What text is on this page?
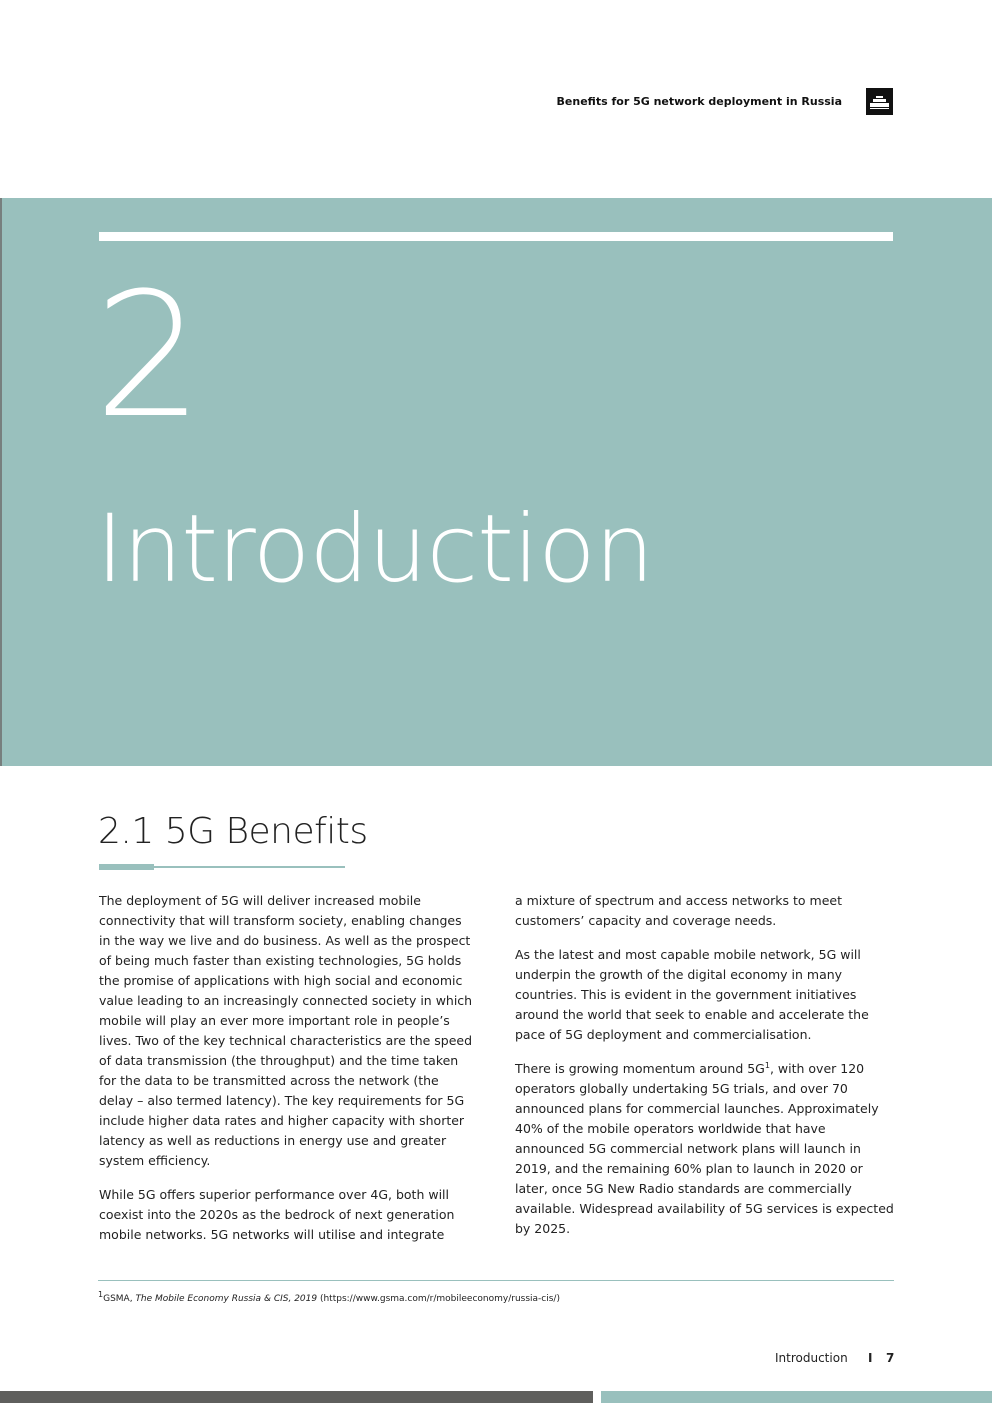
Benefits for 5G network deployment in Russia
2
Introduction
2.1 5G Benefits

The deployment of 5G will deliver increased mobile connectivity that will transform society, enabling changes in the way we live and do business. As well as the prospect of being much faster than existing technologies, 5G holds the promise of applications with high social and economic value leading to an increasingly connected society in which mobile will play an ever more important role in people’s lives. Two of the key technical characteristics are the speed of data transmission (the throughput) and the time taken for the data to be transmitted across the network (the delay – also termed latency). The key requirements for 5G include higher data rates and higher capacity with shorter latency as well as reductions in energy use and greater system efficiency.

While 5G offers superior performance over 4G, both will coexist into the 2020s as the bedrock of next generation mobile networks. 5G networks will utilise and integrate

a mixture of spectrum and access networks to meet customers’ capacity and coverage needs.

As the latest and most capable mobile network, 5G will underpin the growth of the digital economy in many countries. This is evident in the government initiatives around the world that seek to enable and accelerate the pace of 5G deployment and commercialisation.

There is growing momentum around $5G^1$, with over 120 operators globally undertaking 5G trials, and over 70 announced plans for commercial launches. Approximately 40% of the mobile operators worldwide that have announced 5G commercial network plans will launch in 2019, and the remaining 60% plan to launch in 2020 or later, once 5G New Radio standards are commercially available. Widespread availability of 5G services is expected by 2025.

$^1$GSMA, The Mobile Economy Russia & CIS, 2019 (https://www.gsma.com/r/mobileeconomy/russia-cis/)
Introduction I 7
